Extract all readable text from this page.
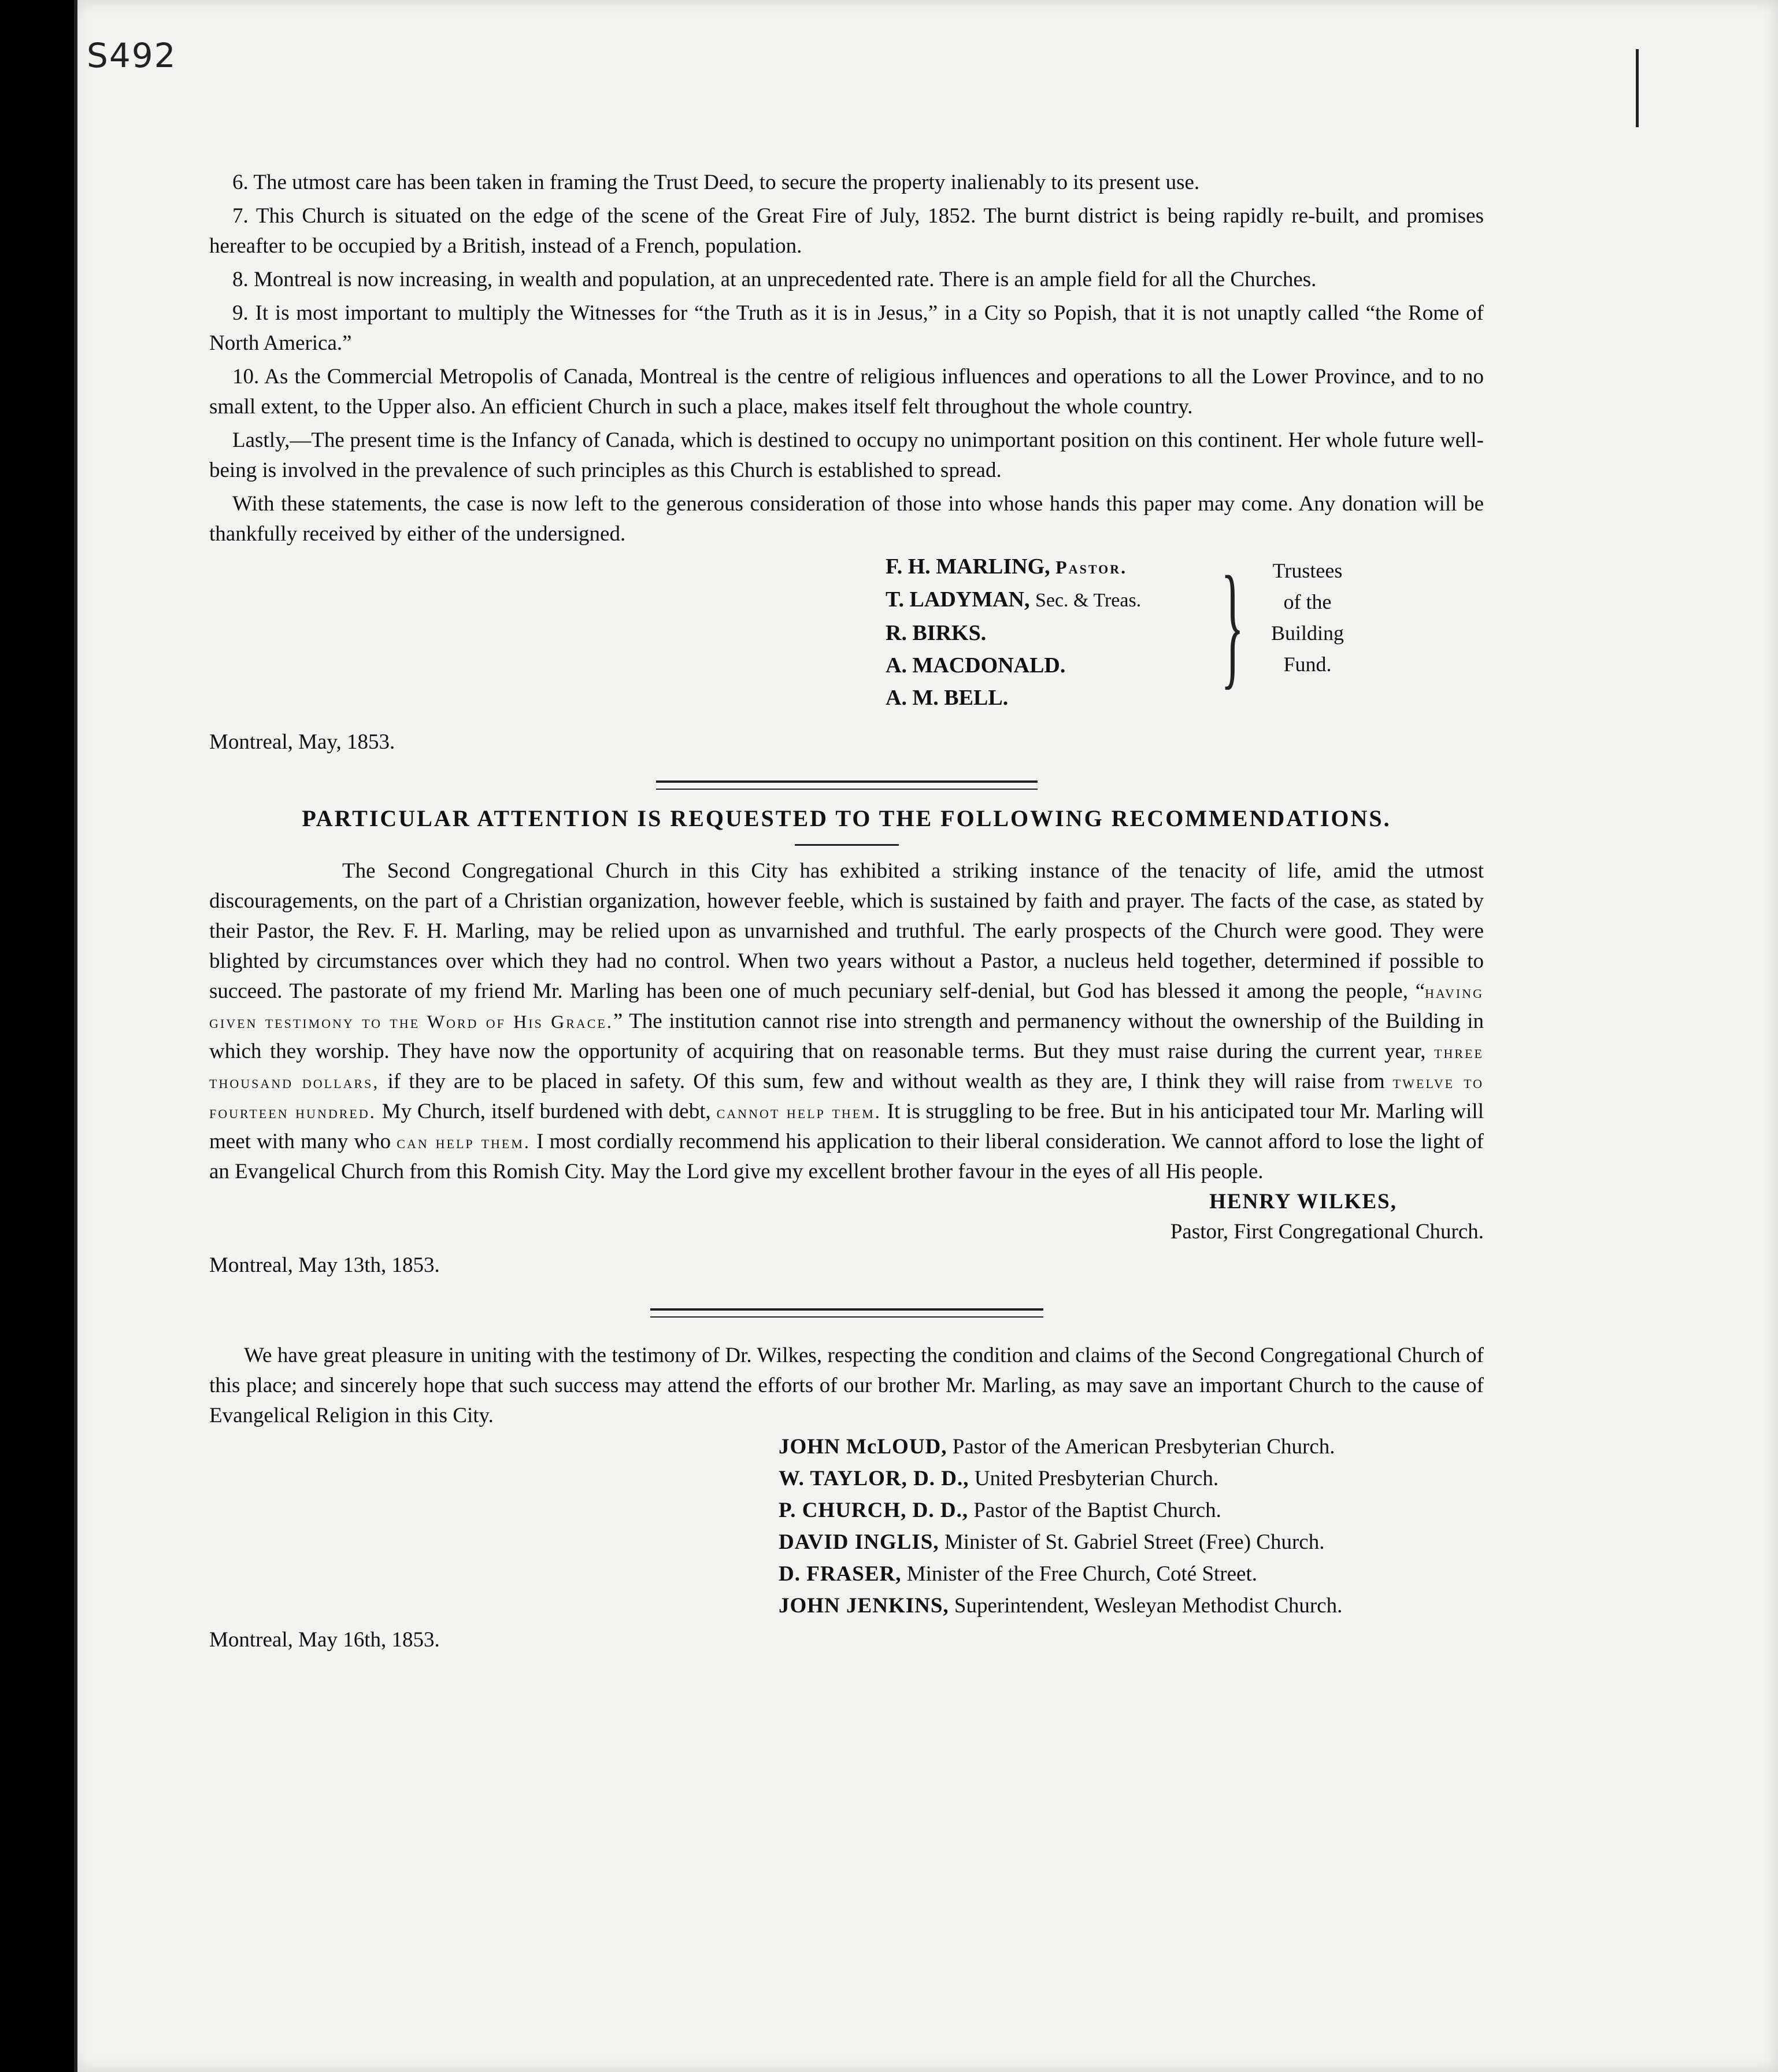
S492

6. The utmost care has been taken in framing the Trust Deed, to secure the property inalienably to its present use.

7. This Church is situated on the edge of the scene of the Great Fire of July, 1852. The burnt district is being rapidly re-built, and promises hereafter to be occupied by a British, instead of a French, population.

8. Montreal is now increasing, in wealth and population, at an unprecedented rate. There is an ample field for all the Churches.

9. It is most important to multiply the Witnesses for “the Truth as it is in Jesus,” in a City so Popish, that it is not unaptly called “the Rome of North America.”

10. As the Commercial Metropolis of Canada, Montreal is the centre of religious influences and operations to all the Lower Province, and to no small extent, to the Upper also. An efficient Church in such a place, makes itself felt throughout the whole country.

Lastly,—The present time is the Infancy of Canada, which is destined to occupy no unimportant position on this continent. Her whole future well-being is involved in the prevalence of such principles as this Church is established to spread.

With these statements, the case is now left to the generous consideration of those into whose hands this paper may come. Any donation will be thankfully received by either of the undersigned.

F. H. MARLING, Pastor.
T. LADYMAN, Sec. & Treas.
R. BIRKS.
A. MACDONALD.
A. M. BELL.	}	Trustees
of the
Building
Fund.

Montreal, May, 1853.

PARTICULAR ATTENTION IS REQUESTED TO THE FOLLOWING RECOMMENDATIONS.

The Second Congregational Church in this City has exhibited a striking instance of the tenacity of life, amid the utmost discouragements, on the part of a Christian organization, however feeble, which is sustained by faith and prayer. The facts of the case, as stated by their Pastor, the Rev. F. H. Marling, may be relied upon as unvarnished and truthful. The early prospects of the Church were good. They were blighted by circumstances over which they had no control. When two years without a Pastor, a nucleus held together, determined if possible to succeed. The pastorate of my friend Mr. Marling has been one of much pecuniary self-denial, but God has blessed it among the people, “having given testimony to the Word of His Grace.” The institution cannot rise into strength and permanency without the ownership of the Building in which they worship. They have now the opportunity of acquiring that on reasonable terms. But they must raise during the current year, three thousand dollars, if they are to be placed in safety. Of this sum, few and without wealth as they are, I think they will raise from twelve to fourteen hundred. My Church, itself burdened with debt, cannot help them. It is struggling to be free. But in his anticipated tour Mr. Marling will meet with many who can help them. I most cordially recommend his application to their liberal consideration. We cannot afford to lose the light of an Evangelical Church from this Romish City. May the Lord give my excellent brother favour in the eyes of all His people.

HENRY WILKES,

Pastor, First Congregational Church.

Montreal, May 13th, 1853.

We have great pleasure in uniting with the testimony of Dr. Wilkes, respecting the condition and claims of the Second Congregational Church of this place; and sincerely hope that such success may attend the efforts of our brother Mr. Marling, as may save an important Church to the cause of Evangelical Religion in this City.

JOHN McLOUD, Pastor of the American Presbyterian Church.
W. TAYLOR, D. D., United Presbyterian Church.
P. CHURCH, D. D., Pastor of the Baptist Church.
DAVID INGLIS, Minister of St. Gabriel Street (Free) Church.
D. FRASER, Minister of the Free Church, Coté Street.
JOHN JENKINS, Superintendent, Wesleyan Methodist Church.

Montreal, May 16th, 1853.
